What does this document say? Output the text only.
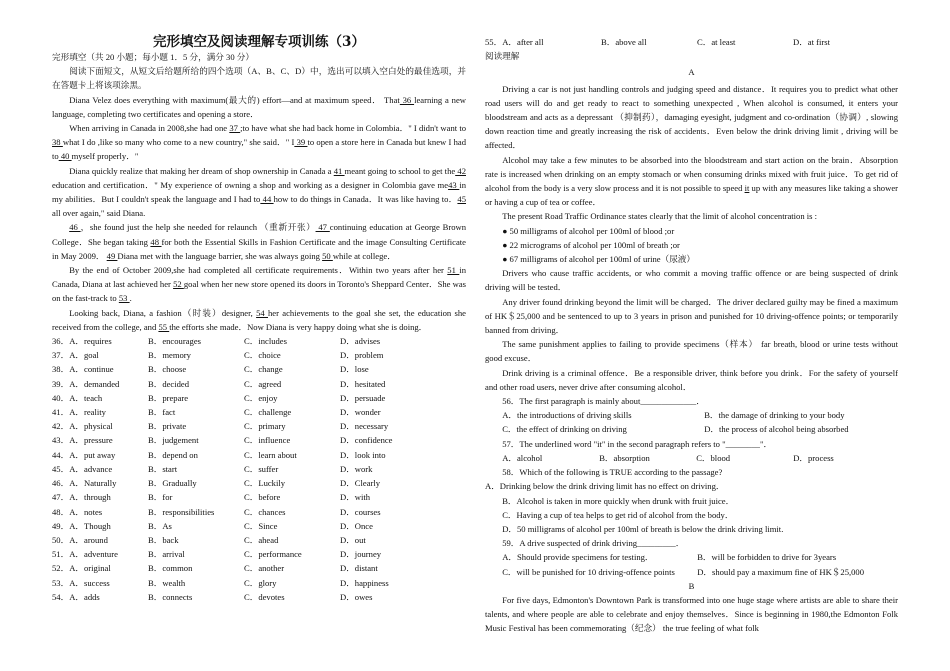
完形填空及阅读理解专项训练（3）

完形填空（共 20 小题；每小题 1．5 分，满分 30 分）

阅读下面短文，从短文后给题所给的四个选项（A、B、C、D）中，选出可以填入空白处的最佳选项，并在答题卡上将该项涂黑。

Diana Velez does everything with maximum(最大的) effort—and at maximum speed． That 36 learning a new language, completing two certificates and opening a store．

When arriving in Canada in 2008,she had one 37 ;to have what she had back home in Colombia．" I didn't want to 38 what I do ,like so many who come to a new country," she said．" I 39 to open a store here in Canada but knew I had to 40 myself properly．"

Diana quickly realize that making her dream of shop ownership in Canada a 41 meant going to school to get the 42 education and certification．" My experience of owning a shop and working as a designer in Colombia gave me43 in my abilities．But I couldn't speak the language and I had to 44 how to do things in Canada．It was like having to．45 all over again," said Diana.

46 ，she found just the help she needed for relaunch （重新开张） 47 continuing education at George Brown College．She began taking 48 for both the Essential Skills in Fashion Certificate and the image Consulting Certificate in May 2009． 49 Diana met with the language barrier, she was always going 50 while at college．

By the end of October 2009,she had completed all certificate requirements．Within two years after her 51 in Canada, Diana at last achieved her 52 goal when her new store opened its doors in Toronto's Sheppard Center．She was on the fast-track to 53 .

Looking back, Diana, a fashion（时装）designer, 54 her achievements to the goal she set, the education she received from the college, and 55 the efforts she made．Now Diana is very happy doing what she is doing．

36．A．requires	B．encourages	C．includes	D．advises
37．A．goal	B．memory	C．choice	D．problem
38．A．continue	B．choose	C．change	D．lose
39．A．demanded	B．decided	C．agreed	D．hesitated
40．A．teach	B．prepare	C．enjoy	D．persuade
41．A．reality	B．fact	C．challenge	D．wonder
42．A．physical	B．private	C．primary	D．necessary
43．A．pressure	B．judgement	C．influence	D．confidence
44．A．put away	B．depend on	C．learn about	D．look into
45．A．advance	B．start	C．suffer	D．work
46．A．Naturally	B．Gradually	C．Luckily	D．Clearly
47．A．through	B．for	C．before	D．with
48．A．notes	B．responsibilities	C．chances	D．courses
49．A．Though	B．As	C．Since	D．Once
50．A．around	B．back	C．ahead	D．out
51．A．adventure	B．arrival	C．performance	D．journey
52．A．original	B．common	C．another	D．distant
53．A．success	B．wealth	C．glory	D．happiness
54．A．adds	B．connects	C．devotes	D．owes
55．A．after all	B．above all	C．at least	D．at first

阅读理解

A

Driving a car is not just handling controls and judging speed and distance．It requires you to predict what other road users will do and get ready to react to something unexpected , When alcohol is consumed, it enters your bloodstream and acts as a depressant （抑制药），damaging eyesight, judgment and co-ordination（协调）, slowing down reaction time and greatly increasing the risk of accidents．Even below the drink driving limit , driving will be affected．

Alcohol may take a few minutes to be absorbed into the bloodstream and start action on the brain．Absorption rate is increased when drinking on an empty stomach or when consuming drinks mixed with fruit juice．To get rid of alcohol from the body is a very slow process and it is not possible to speed it up with any measures like taking a shower or having a cup of tea or coffee．

The present Road Traffic Ordinance states clearly that the limit of alcohol concentration is :

● 50 milligrams of alcohol per 100ml of blood ;or

● 22 micrograms of alcohol per 100ml of breath ;or

● 67 milligrams of alcohol per 100ml of urine（尿液）

Drivers who cause traffic accidents, or who commit a moving traffic offence or are being suspected of drink driving will be tested．

Any driver found drinking beyond the limit will be charged．The driver declared guilty may be fined a maximum of HK＄25,000 and be sentenced to up to 3 years in prison and punished for 10 driving-offence points; or temporarily banned from driving．

The same punishment applies to failing to provide specimens（样本） far breath, blood or urine tests without good excuse．

Drink driving is a criminal offence．Be a responsible driver, think before you drink．For the safety of yourself and other road users, never drive after consuming alcohol．

56．The first paragraph is mainly about_____________．

A．the introductions of driving skills	B．the damage of drinking to your body
C．the effect of drinking on driving	D．the process of alcohol being absorbed

57．The underlined word "it" in the second paragraph refers to "________"．

A．alcohol	B．absorption	C．blood	D．process

58．Which of the following is TRUE according to the passage?

A．Drinking below the drink driving limit has no effect on driving．

B．Alcohol is taken in more quickly when drunk with fruit juice．

C．Having a cup of tea helps to get rid of alcohol from the body．

D．50 milligrams of alcohol per 100ml of breath is below the drink driving limit.

59．A drive suspected of drink driving_________．

A．Should provide specimens for testing．	B．will be forbidden to drive for 3years
C．will be punished for 10 driving-offence points	D．should pay a maximum fine of HK＄25,000

B

For five days, Edmonton's Downtown Park is transformed into one huge stage where artists are able to share their talents, and where people are able to celebrate and enjoy themselves．Since is beginning in 1980,the Edmonton Folk Music Festival has been commemorating（纪念） the true feeling of what folk
